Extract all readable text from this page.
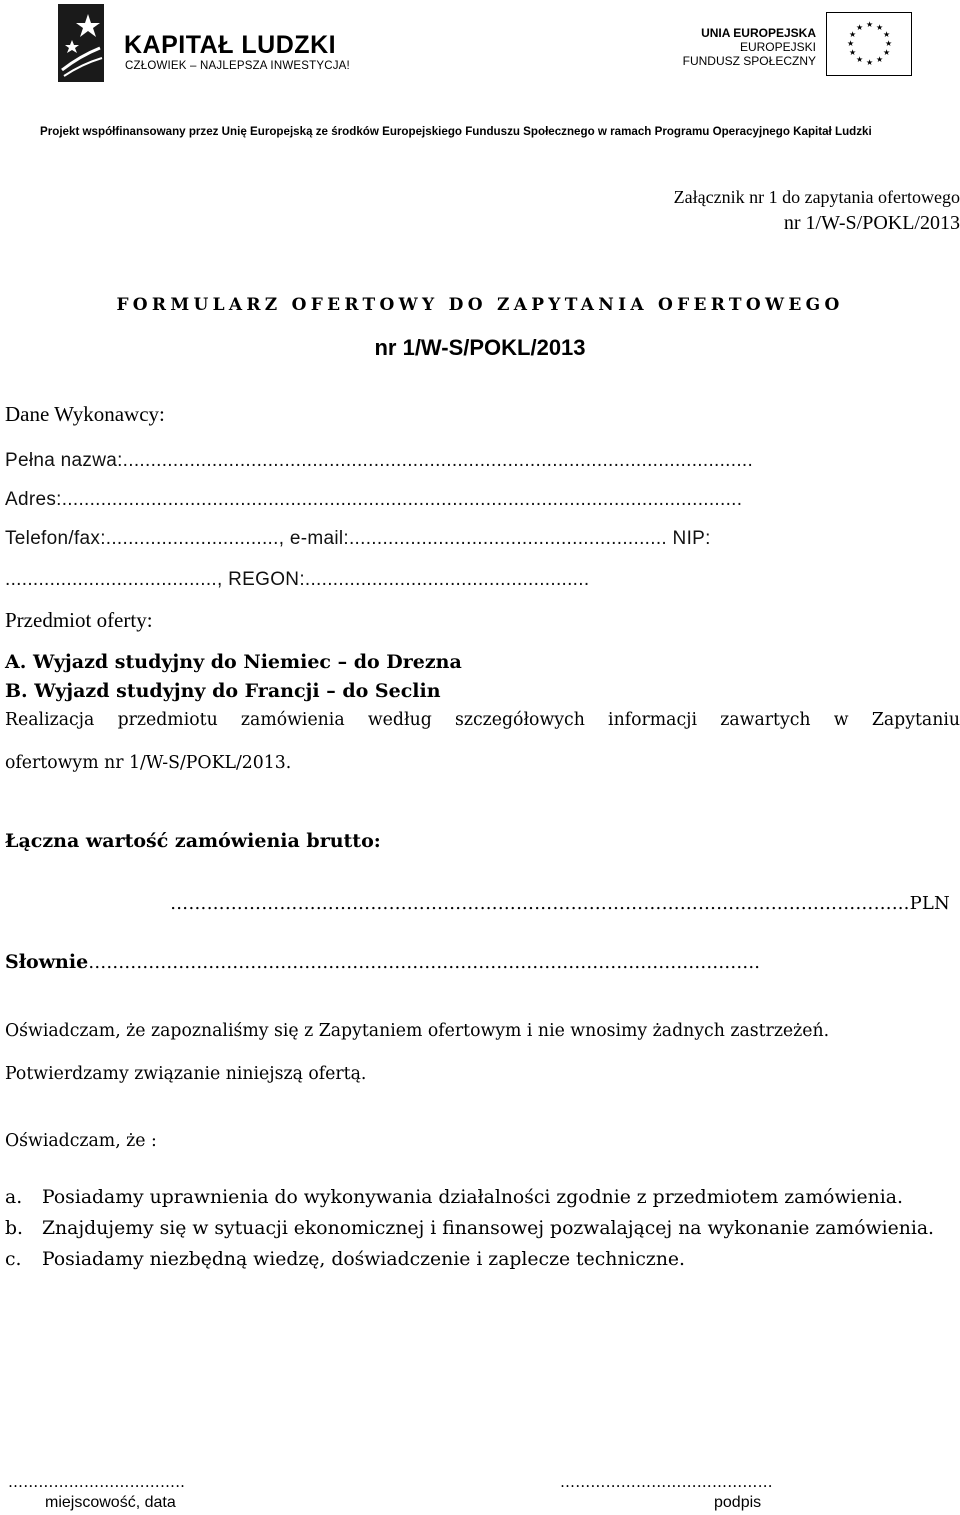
KAPITAŁ LUDZKI
CZŁOWIEK – NAJLEPSZA INWESTYCJA!
UNIA EUROPEJSKA
EUROPEJSKI
FUNDUSZ SPOŁECZNY
★ ★
★
★
★
★
★
★
★
★
★
★
Projekt współfinansowany przez Unię Europejską ze środków Europejskiego Funduszu Społecznego w ramach Programu Operacyjnego Kapitał Ludzki
Załącznik nr 1 do zapytania ofertowego
nr 1/W-S/POKL/2013
FORMULARZ OFERTOWY DO ZAPYTANIA OFERTOWEGO
nr 1/W-S/POKL/2013
Dane Wykonawcy:
Pełna nazwa:.................................................................................................................
Adres:..........................................................................................................................
Telefon/fax:..............................., e-mail:......................................................... NIP:
......................................, REGON:...................................................
Przedmiot oferty:
A. Wyjazd studyjny do Niemiec – do Drezna
B. Wyjazd studyjny do Francji – do Seclin
Realizacja przedmiotu zamówienia według szczegółowych informacji zawartych w Zapytaniu
ofertowym nr 1/W-S/POKL/2013.
Łączna wartość zamówienia brutto:
…………………………………………………………………………………………..……………...PLN
Słownie………………………………………………………………………………………………….
Oświadczam, że zapoznaliśmy się z Zapytaniem ofertowym i nie wnosimy żadnych zastrzeżeń.
Potwierdzamy związanie niniejszą ofertą.
Oświadczam, że :
a. Posiadamy uprawnienia do wykonywania działalności zgodnie z przedmiotem zamówienia.
b. Znajdujemy się w sytuacji ekonomicznej i finansowej pozwalającej na wykonanie zamówienia.
c. Posiadamy niezbędną wiedzę, doświadczenie i zaplecze techniczne.
……………………………..
miejscowość, data
……………………………………
podpis
